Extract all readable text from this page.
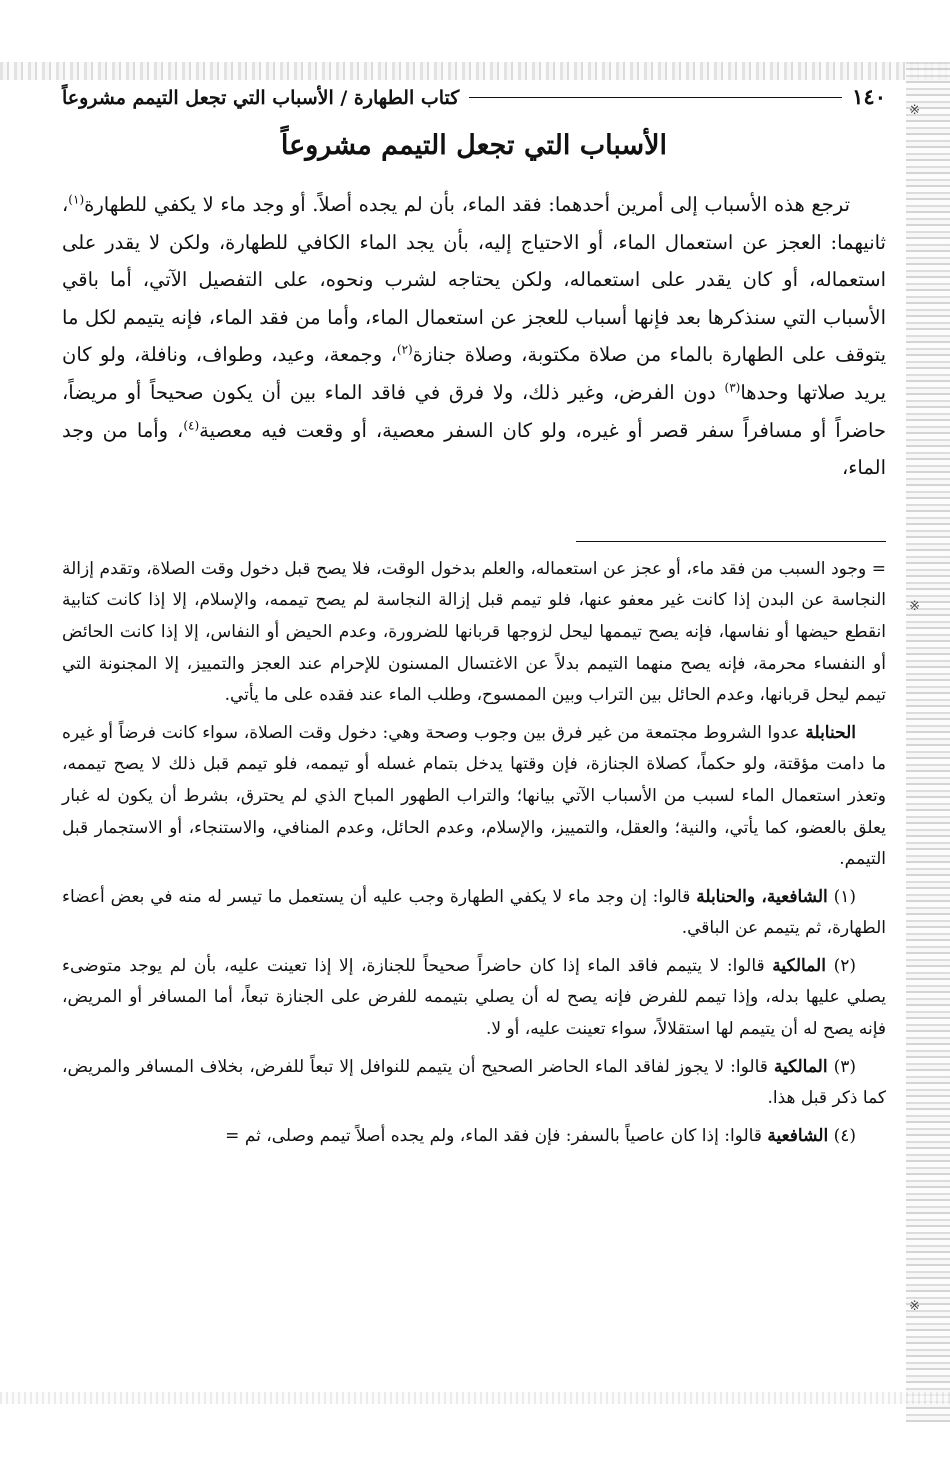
※
※
※
١٤٠
كتاب الطهارة / الأسباب التي تجعل التيمم مشروعاً
الأسباب التي تجعل التيمم مشروعاً

ترجع هذه الأسباب إلى أمرين أحدهما: فقد الماء، بأن لم يجده أصلاً. أو وجد ماء لا يكفي للطهارة$^{(١)}$، ثانيهما: العجز عن استعمال الماء، أو الاحتياج إليه، بأن يجد الماء الكافي للطهارة، ولكن لا يقدر على استعماله، أو كان يقدر على استعماله، ولكن يحتاجه لشرب ونحوه، على التفصيل الآتي، أما باقي الأسباب التي سنذكرها بعد فإنها أسباب للعجز عن استعمال الماء، وأما من فقد الماء، فإنه يتيمم لكل ما يتوقف على الطهارة بالماء من صلاة مكتوبة، وصلاة جنازة$^{(٢)}$، وجمعة، وعيد، وطواف، ونافلة، ولو كان يريد صلاتها وحدها$^{(٣)}$ دون الفرض، وغير ذلك، ولا فرق في فاقد الماء بين أن يكون صحيحاً أو مريضاً، حاضراً أو مسافراً سفر قصر أو غيره، ولو كان السفر معصية، أو وقعت فيه معصية$^{(٤)}$، وأما من وجد الماء،

= وجود السبب من فقد ماء، أو عجز عن استعماله، والعلم بدخول الوقت، فلا يصح قبل دخول وقت الصلاة، وتقدم إزالة النجاسة عن البدن إذا كانت غير معفو عنها، فلو تيمم قبل إزالة النجاسة لم يصح تيممه، والإسلام، إلا إذا كانت كتابية انقطع حيضها أو نفاسها، فإنه يصح تيممها ليحل لزوجها قربانها للضرورة، وعدم الحيض أو النفاس، إلا إذا كانت الحائض أو النفساء محرمة، فإنه يصح منهما التيمم بدلاً عن الاغتسال المسنون للإحرام عند العجز والتمييز، إلا المجنونة التي تيمم ليحل قربانها، وعدم الحائل بين التراب وبين الممسوح، وطلب الماء عند فقده على ما يأتي.

الحنابلة عدوا الشروط مجتمعة من غير فرق بين وجوب وصحة وهي: دخول وقت الصلاة، سواء كانت فرضاً أو غيره ما دامت مؤقتة، ولو حكماً، كصلاة الجنازة، فإن وقتها يدخل بتمام غسله أو تيممه، فلو تيمم قبل ذلك لا يصح تيممه، وتعذر استعمال الماء لسبب من الأسباب الآتي بيانها؛ والتراب الطهور المباح الذي لم يحترق، بشرط أن يكون له غبار يعلق بالعضو، كما يأتي، والنية؛ والعقل، والتمييز، والإسلام، وعدم الحائل، وعدم المنافي، والاستنجاء، أو الاستجمار قبل التيمم.

(١) الشافعية، والحنابلة قالوا: إن وجد ماء لا يكفي الطهارة وجب عليه أن يستعمل ما تيسر له منه في بعض أعضاء الطهارة، ثم يتيمم عن الباقي.

(٢) المالكية قالوا: لا يتيمم فاقد الماء إذا كان حاضراً صحيحاً للجنازة، إلا إذا تعينت عليه، بأن لم يوجد متوضىء يصلي عليها بدله، وإذا تيمم للفرض فإنه يصح له أن يصلي بتيممه للفرض على الجنازة تبعاً، أما المسافر أو المريض، فإنه يصح له أن يتيمم لها استقلالاً، سواء تعينت عليه، أو لا.

(٣) المالكية قالوا: لا يجوز لفاقد الماء الحاضر الصحيح أن يتيمم للنوافل إلا تبعاً للفرض، بخلاف المسافر والمريض، كما ذكر قبل هذا.

(٤) الشافعية قالوا: إذا كان عاصياً بالسفر: فإن فقد الماء، ولم يجده أصلاً تيمم وصلى، ثم =
